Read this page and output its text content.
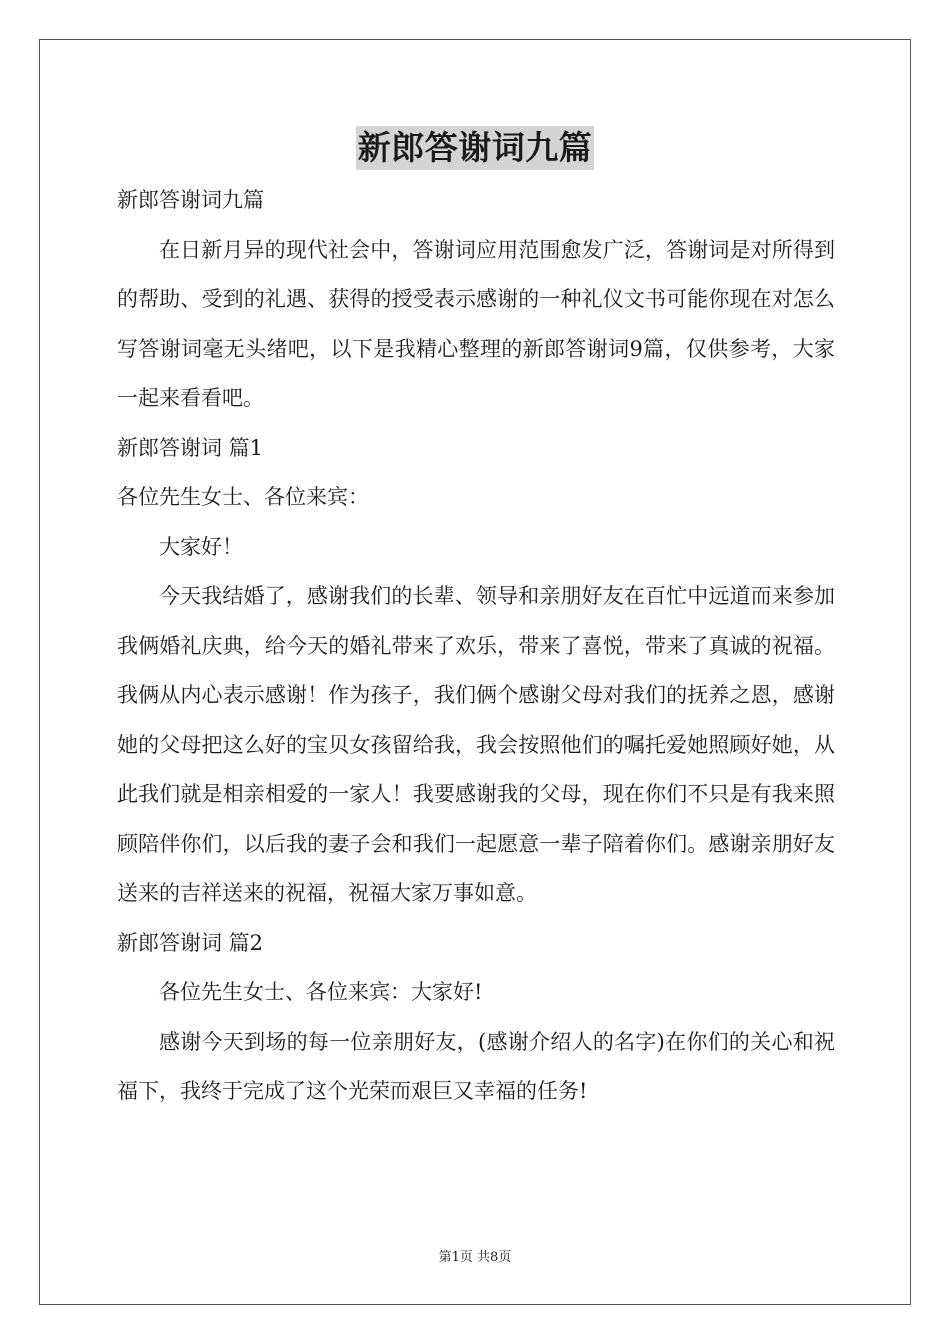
新郎答谢词九篇

新郎答谢词九篇

在日新月异的现代社会中，答谢词应用范围愈发广泛，答谢词是对所得到的帮助、受到的礼遇、获得的授受表示感谢的一种礼仪文书可能你现在对怎么写答谢词毫无头绪吧，以下是我精心整理的新郎答谢词9篇，仅供参考，大家一起来看看吧。

新郎答谢词 篇1

各位先生女士、各位来宾：

大家好！

今天我结婚了，感谢我们的长辈、领导和亲朋好友在百忙中远道而来参加我俩婚礼庆典，给今天的婚礼带来了欢乐，带来了喜悦，带来了真诚的祝福。我俩从内心表示感谢！作为孩子，我们俩个感谢父母对我们的抚养之恩，感谢她的父母把这么好的宝贝女孩留给我，我会按照他们的嘱托爱她照顾好她，从此我们就是相亲相爱的一家人！我要感谢我的父母，现在你们不只是有我来照顾陪伴你们，以后我的妻子会和我们一起愿意一辈子陪着你们。感谢亲朋好友送来的吉祥送来的祝福，祝福大家万事如意。

新郎答谢词 篇2

各位先生女士、各位来宾：大家好!

感谢今天到场的每一位亲朋好友，(感谢介绍人的名字)在你们的关心和祝福下，我终于完成了这个光荣而艰巨又幸福的任务!

第1页 共8页
